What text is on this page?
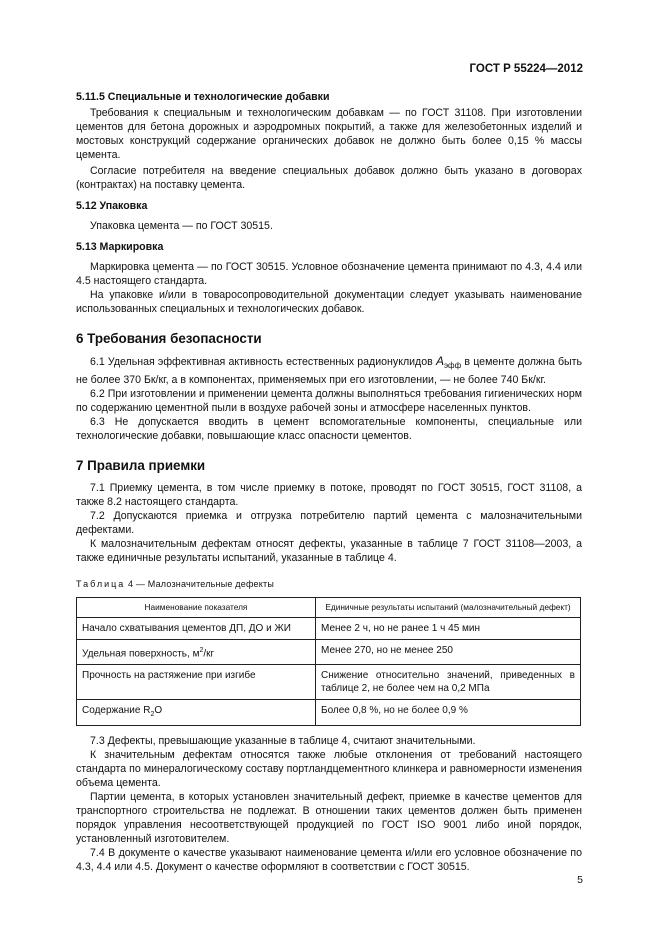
ГОСТ Р 55224—2012

5.11.5 Специальные и технологические добавки

Требования к специальным и технологическим добавкам — по ГОСТ 31108. При изготовлении цементов для бетона дорожных и аэродромных покрытий, а также для железобетонных изделий и мостовых конструкций содержание органических добавок не должно быть более 0,15 % массы цемента.

Согласие потребителя на введение специальных добавок должно быть указано в договорах (контрактах) на поставку цемента.

5.12 Упаковка

Упаковка цемента — по ГОСТ 30515.

5.13 Маркировка

Маркировка цемента — по ГОСТ 30515. Условное обозначение цемента принимают по 4.3, 4.4 или 4.5 настоящего стандарта.

На упаковке и/или в товаросопроводительной документации следует указывать наименование использованных специальных и технологических добавок.

6 Требования безопасности

6.1 Удельная эффективная активность естественных радионуклидов $А_{эфф}$ в цементе должна быть не более 370 Бк/кг, а в компонентах, применяемых при его изготовлении, — не более 740 Бк/кг.

6.2 При изготовлении и применении цемента должны выполняться требования гигиенических норм по содержанию цементной пыли в воздухе рабочей зоны и атмосфере населенных пунктов.

6.3 Не допускается вводить в цемент вспомогательные компоненты, специальные или технологические добавки, повышающие класс опасности цементов.

7 Правила приемки

7.1 Приемку цемента, в том числе приемку в потоке, проводят по ГОСТ 30515, ГОСТ 31108, а также 8.2 настоящего стандарта.

7.2 Допускаются приемка и отгрузка потребителю партий цемента с малозначительными дефектами.

К малозначительным дефектам относят дефекты, указанные в таблице 7 ГОСТ 31108—2003, а также единичные результаты испытаний, указанные в таблице 4.

Таблица 4 — Малозначительные дефекты

Наименование показателя	Единичные результаты испытаний (малозначительный дефект)
Начало схватывания цементов ДП, ДО и ЖИ	Менее 2 ч, но не ранее 1 ч 45 мин
Удельная поверхность, $м^2/кг$	Менее 270, но не менее 250
Прочность на растяжение при изгибе	Снижение относительно значений, приведенных в таблице 2, не более чем на 0,2 МПа
Содержание $R_2O$	Более 0,8 %, но не более 0,9 %

7.3 Дефекты, превышающие указанные в таблице 4, считают значительными.

К значительным дефектам относятся также любые отклонения от требований настоящего стандарта по минералогическому составу портландцементного клинкера и равномерности изменения объема цемента.

Партии цемента, в которых установлен значительный дефект, приемке в качестве цементов для транспортного строительства не подлежат. В отношении таких цементов должен быть применен порядок управления несоответствующей продукцией по ГОСТ ISO 9001 либо иной порядок, установленный изготовителем.

7.4 В документе о качестве указывают наименование цемента и/или его условное обозначение по 4.3, 4.4 или 4.5. Документ о качестве оформляют в соответствии с ГОСТ 30515.

5
